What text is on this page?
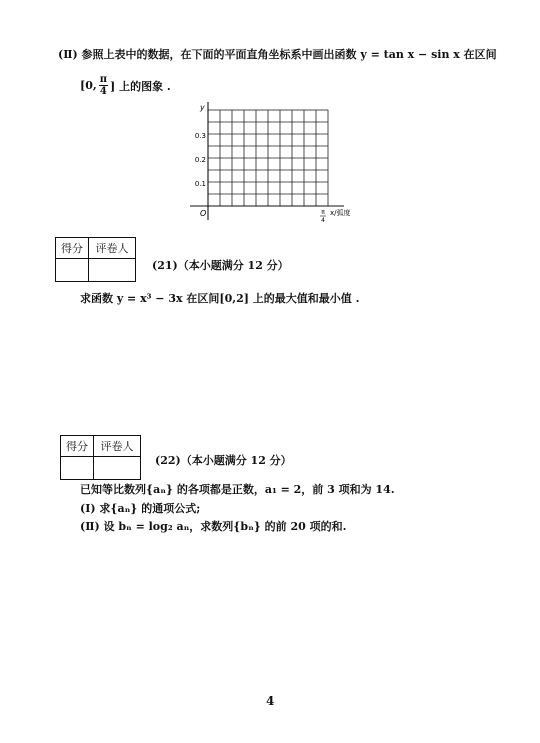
(Ⅱ) 参照上表中的数据，在下面的平面直角坐标系中画出函数 y = tan x − sin x 在区间
[0, $\frac{\pi}{4}$ ] 上的图象 .
y
0.3
0.2
0.1
O	π
4
x/弧度
得分	评卷人

(21)（本小题满分 12 分）
求函数 y = x³ − 3x 在区间[0,2] 上的最大值和最小值 .
得分	评卷人

(22)（本小题满分 12 分）
已知等比数列{aₙ} 的各项都是正数，a₁ = 2，前 3 项和为 14.
(Ⅰ) 求{aₙ} 的通项公式;
(Ⅱ) 设 bₙ = log₂ aₙ，求数列{bₙ} 的前 20 项的和.
4
